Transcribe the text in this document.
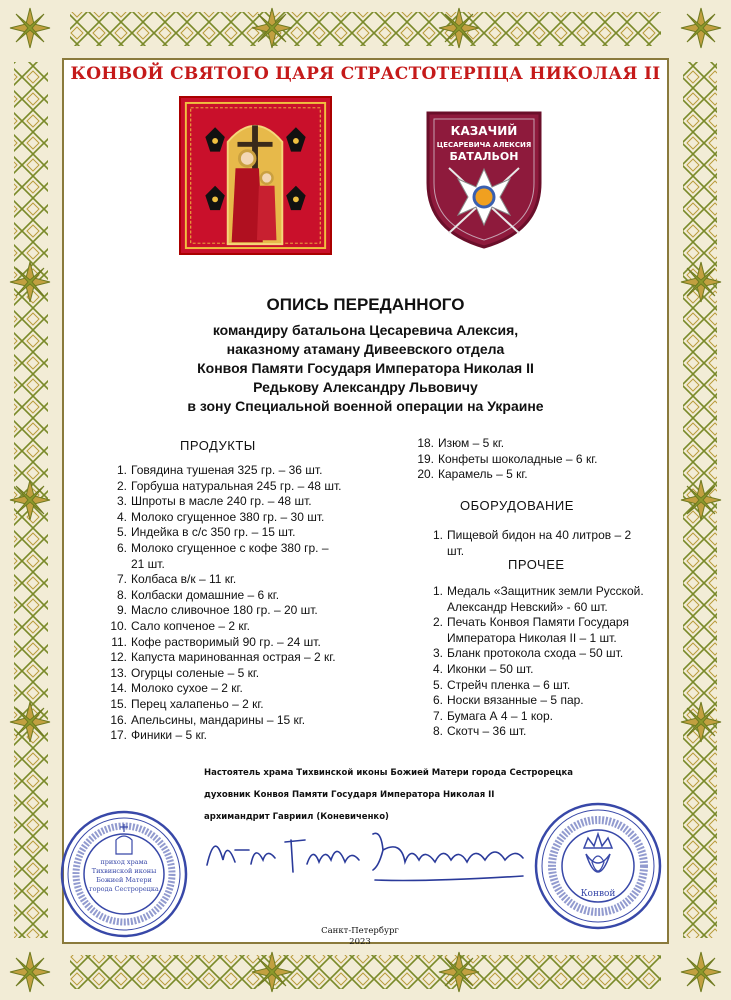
КОНВОЙ СВЯТОГО ЦАРЯ СТРАСТОТЕРПЦА НИКОЛАЯ II
КАЗАЧИЙ
ЦЕСАРЕВИЧА АЛЕКСИЯ
БАТАЛЬОН
ОПИСЬ ПЕРЕДАННОГО
командиру батальона Цесаревича Алексия,
наказному атаману Дивеевского отдела
Конвоя Памяти Государя Императора Николая II
Редькову Александру Львовичу
в зону Специальной военной операции на Украине
ПРОДУКТЫ
1. Говядина тушеная 325 гр. – 36 шт.
2. Горбуша натуральная 245 гр. – 48 шт.
3. Шпроты в масле 240 гр. – 48 шт.
4. Молоко сгущенное 380 гр. – 30 шт.
5. Индейка в с/с 350 гр. – 15 шт.
6. Молоко сгущенное с кофе 380 гр. – 21 шт.
7. Колбаса в/к – 11 кг.
8. Колбаски домашние – 6 кг.
9. Масло сливочное 180 гр. – 20 шт.
10. Сало копченое – 2 кг.
11. Кофе растворимый 90 гр. – 24 шт.
12. Капуста маринованная острая – 2 кг.
13. Огурцы соленые – 5 кг.
14. Молоко сухое – 2 кг.
15. Перец халапеньо – 2 кг.
16. Апельсины, мандарины – 15 кг.
17. Финики – 5 кг.
18. Изюм – 5 кг.
19. Конфеты шоколадные – 6 кг.
20. Карамель – 5 кг.
ОБОРУДОВАНИЕ
1. Пищевой бидон на 40 литров – 2 шт.
ПРОЧЕЕ
1. Медаль «Защитник земли Русской. Александр Невский» - 60 шт.
2. Печать Конвоя Памяти Государя Императора Николая II – 1 шт.
3. Бланк протокола схода – 50 шт.
4. Иконки – 50 шт.
5. Стрейч пленка – 6 шт.
6. Носки вязанные – 5 пар.
7. Бумага А 4 – 1 кор.
8. Скотч – 36 шт.
Настоятель храма Тихвинской иконы Божией Матери города Сестрорецка
духовник Конвоя Памяти Государя Императора Николая II
архимандрит Гавриил (Коневиченко)
приход храма
Тихвинской иконы
Божией Матери
города Сестрорецка	Конвой
Санкт-Петербург
2023
